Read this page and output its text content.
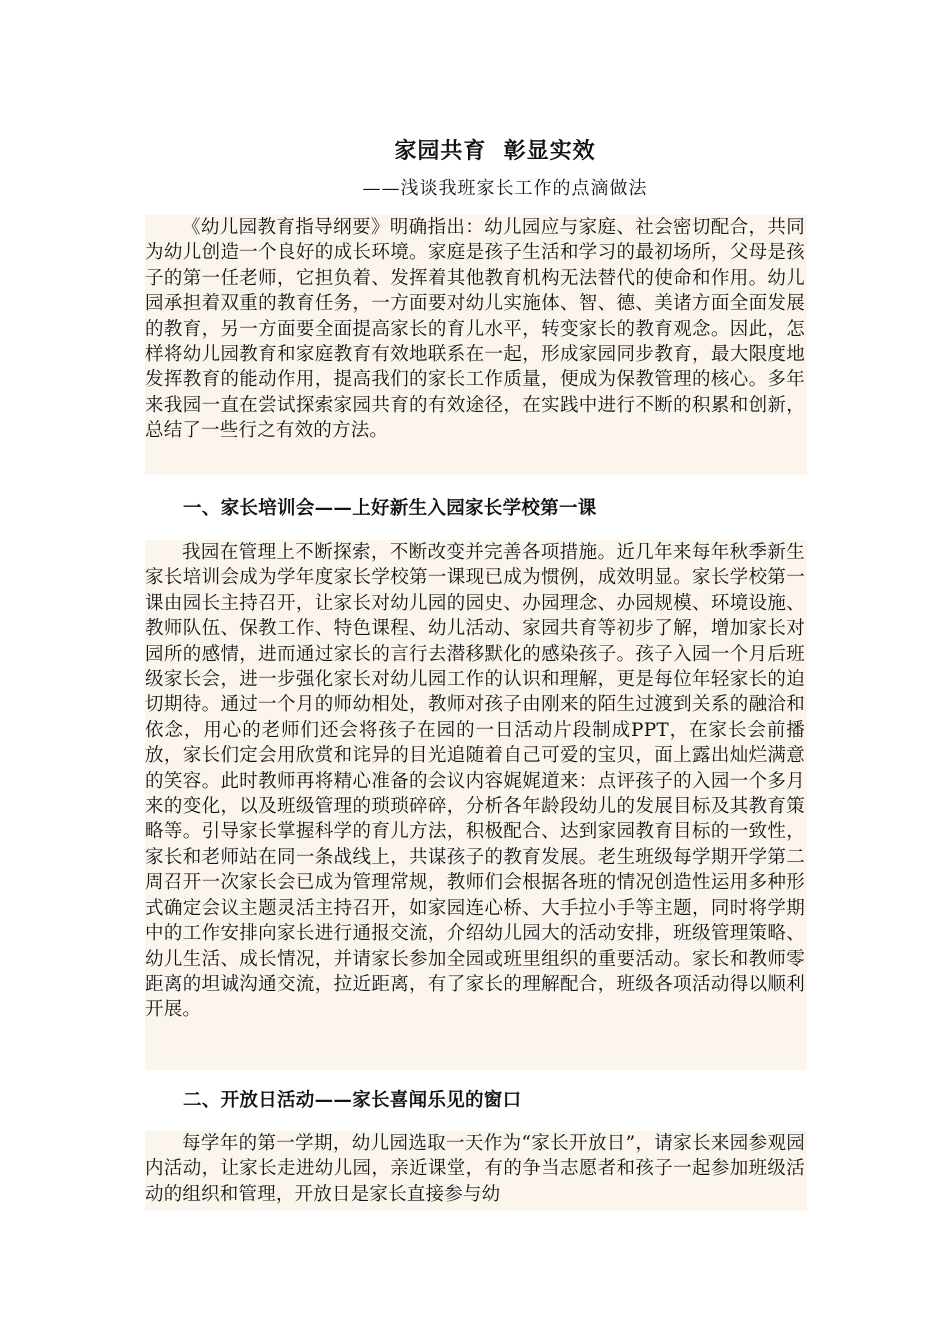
家园共育  彰显实效
——浅谈我班家长工作的点滴做法

《幼儿园教育指导纲要》明确指出：幼儿园应与家庭、社会密切配合，共同为幼儿创造一个良好的成长环境。家庭是孩子生活和学习的最初场所，父母是孩子的第一任老师，它担负着、发挥着其他教育机构无法替代的使命和作用。幼儿园承担着双重的教育任务，一方面要对幼儿实施体、智、德、美诸方面全面发展的教育，另一方面要全面提高家长的育儿水平，转变家长的教育观念。因此，怎样将幼儿园教育和家庭教育有效地联系在一起，形成家园同步教育，最大限度地发挥教育的能动作用，提高我们的家长工作质量，便成为保教管理的核心。多年来我园一直在尝试探索家园共育的有效途径，在实践中进行不断的积累和创新，总结了一些行之有效的方法。

一、家长培训会——上好新生入园家长学校第一课

我园在管理上不断探索，不断改变并完善各项措施。近几年来每年秋季新生家长培训会成为学年度家长学校第一课现已成为惯例，成效明显。家长学校第一课由园长主持召开，让家长对幼儿园的园史、办园理念、办园规模、环境设施、教师队伍、保教工作、特色课程、幼儿活动、家园共育等初步了解，增加家长对园所的感情，进而通过家长的言行去潜移默化的感染孩子。孩子入园一个月后班级家长会，进一步强化家长对幼儿园工作的认识和理解，更是每位年轻家长的迫切期待。通过一个月的师幼相处，教师对孩子由刚来的陌生过渡到关系的融洽和依念，用心的老师们还会将孩子在园的一日活动片段制成PPT，在家长会前播放，家长们定会用欣赏和诧异的目光追随着自己可爱的宝贝，面上露出灿烂满意的笑容。此时教师再将精心准备的会议内容娓娓道来：点评孩子的入园一个多月来的变化，以及班级管理的琐琐碎碎，分析各年龄段幼儿的发展目标及其教育策略等。引导家长掌握科学的育儿方法，积极配合、达到家园教育目标的一致性，家长和老师站在同一条战线上，共谋孩子的教育发展。老生班级每学期开学第二周召开一次家长会已成为管理常规，教师们会根据各班的情况创造性运用多种形式确定会议主题灵活主持召开，如家园连心桥、大手拉小手等主题，同时将学期中的工作安排向家长进行通报交流，介绍幼儿园大的活动安排，班级管理策略、幼儿生活、成长情况，并请家长参加全园或班里组织的重要活动。家长和教师零距离的坦诚沟通交流，拉近距离，有了家长的理解配合，班级各项活动得以顺利开展。

二、开放日活动——家长喜闻乐见的窗口

每学年的第一学期，幼儿园选取一天作为“家长开放日”，请家长来园参观园内活动，让家长走进幼儿园，亲近课堂，有的争当志愿者和孩子一起参加班级活动的组织和管理，开放日是家长直接参与幼
